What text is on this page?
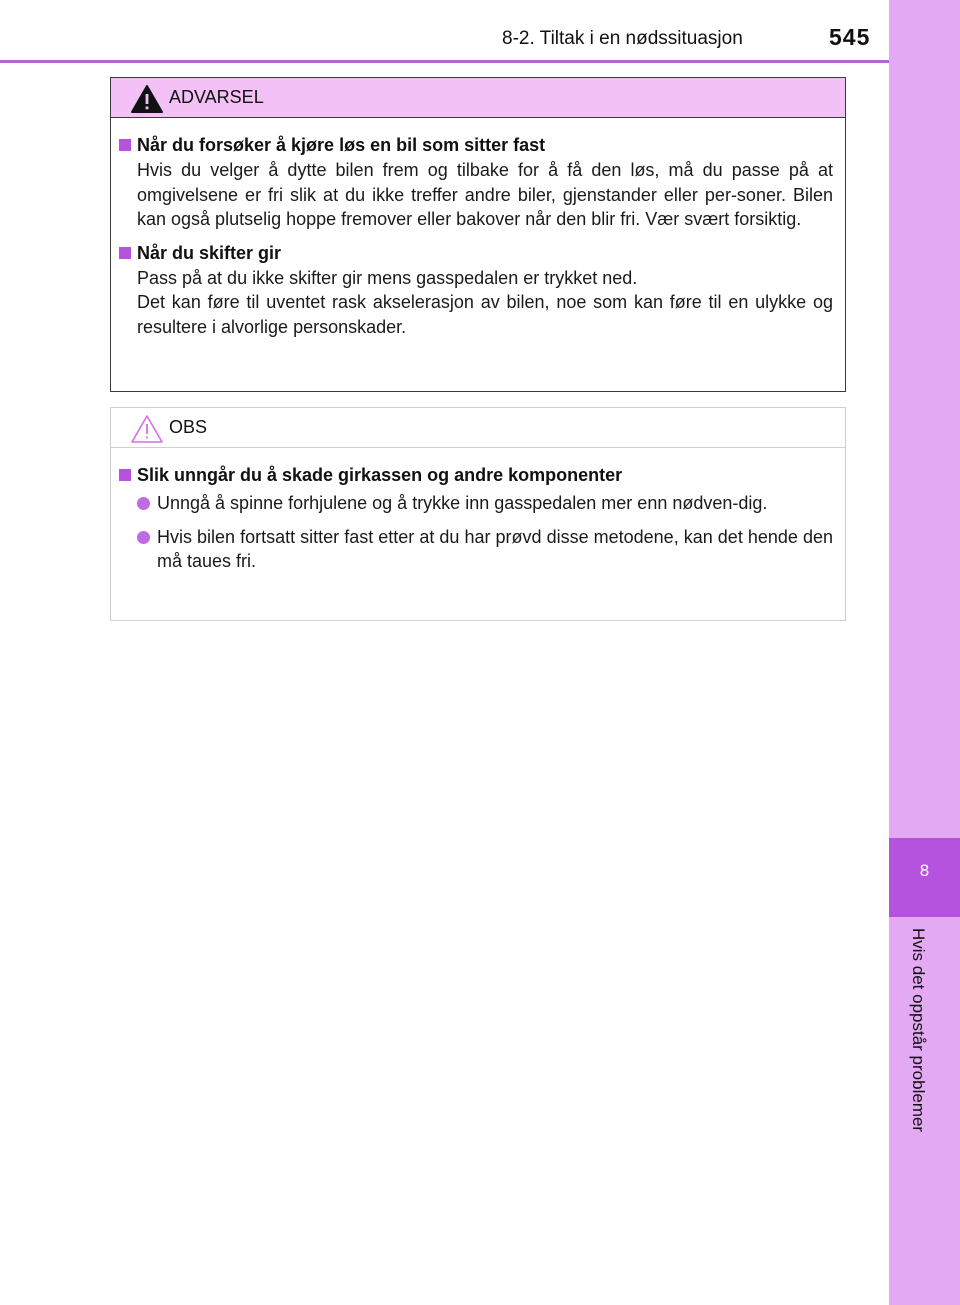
8-2. Tiltak i en nødssituasjon	545
8
Hvis det oppstår problemer
ADVARSEL
Når du forsøker å kjøre løs en bil som sitter fast
Hvis du velger å dytte bilen frem og tilbake for å få den løs, må du passe på at omgivelsene er fri slik at du ikke treffer andre biler, gjenstander eller per-soner. Bilen kan også plutselig hoppe fremover eller bakover når den blir fri. Vær svært forsiktig.
Når du skifter gir
Pass på at du ikke skifter gir mens gasspedalen er trykket ned.
Det kan føre til uventet rask akselerasjon av bilen, noe som kan føre til en ulykke og resultere i alvorlige personskader.
OBS
Slik unngår du å skade girkassen og andre komponenter
Unngå å spinne forhjulene og å trykke inn gasspedalen mer enn nødven-dig.
Hvis bilen fortsatt sitter fast etter at du har prøvd disse metodene, kan det hende den må taues fri.
